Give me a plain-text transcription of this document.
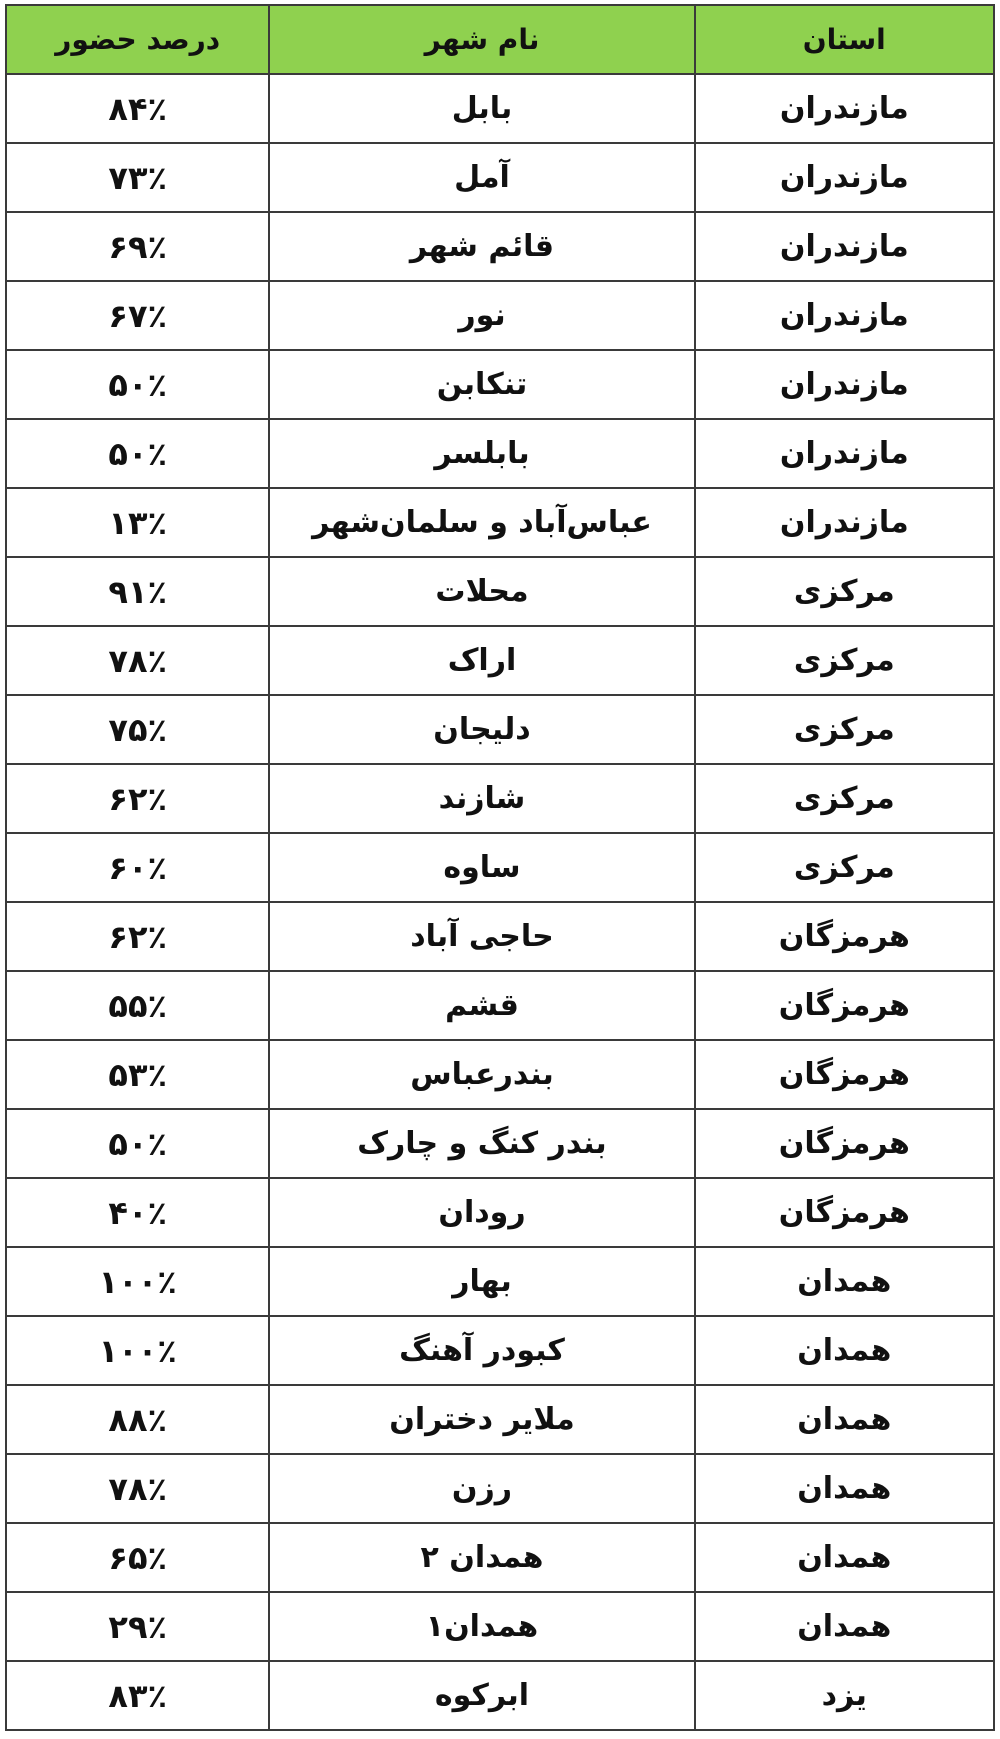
استان	نام شهر	درصد حضور
مازندران	بابل	۸۴٪
مازندران	آمل	۷۳٪
مازندران	قائم شهر	۶۹٪
مازندران	نور	۶۷٪
مازندران	تنکابن	۵۰٪
مازندران	بابلسر	۵۰٪
مازندران	عباس‌آباد و سلمان‌شهر	۱۳٪
مرکزی	محلات	۹۱٪
مرکزی	اراک	۷۸٪
مرکزی	دلیجان	۷۵٪
مرکزی	شازند	۶۲٪
مرکزی	ساوه	۶۰٪
هرمزگان	حاجی آباد	۶۲٪
هرمزگان	قشم	۵۵٪
هرمزگان	بندرعباس	۵۳٪
هرمزگان	بندر کنگ و چارک	۵۰٪
هرمزگان	رودان	۴۰٪
همدان	بهار	۱۰۰٪
همدان	کبودر آهنگ	۱۰۰٪
همدان	ملایر دختران	۸۸٪
همدان	رزن	۷۸٪
همدان	همدان ۲	۶۵٪
همدان	همدان۱	۲۹٪
یزد	ابرکوه	۸۳٪
